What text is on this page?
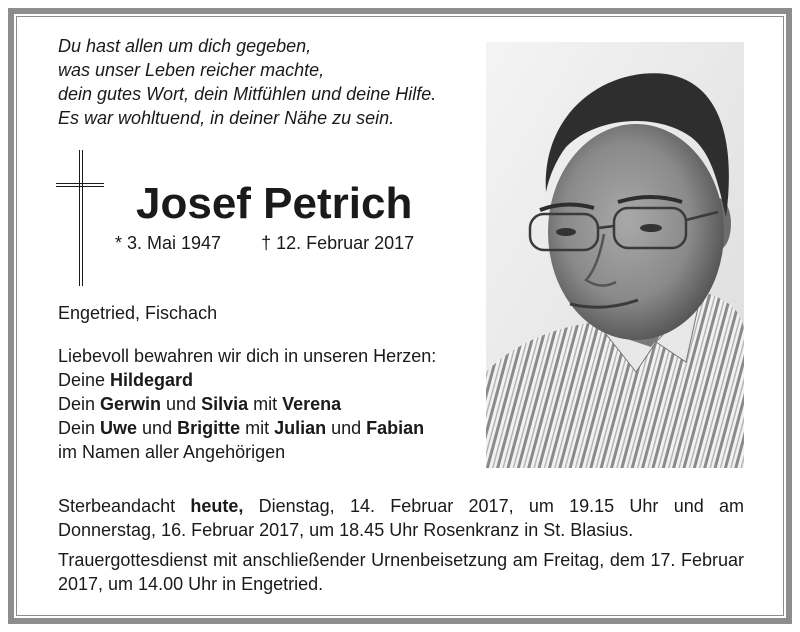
Du hast allen um dich gegeben,
was unser Leben reicher machte,
dein gutes Wort, dein Mitfühlen und deine Hilfe.
Es war wohltuend, in deiner Nähe zu sein.
Josef Petrich
* 3. Mai 1947 † 12. Februar 2017
Engetried, Fischach
Liebevoll bewahren wir dich in unseren Herzen:
Deine Hildegard
Dein Gerwin und Silvia mit Verena
Dein Uwe und Brigitte mit Julian und Fabian
im Namen aller Angehörigen

Sterbeandacht heute, Dienstag, 14. Februar 2017, um 19.15 Uhr und am Donnerstag, 16. Februar 2017, um 18.45 Uhr Rosenkranz in St. Blasius.

Trauergottesdienst mit anschließender Urnenbeisetzung am Freitag, dem 17. Februar 2017, um 14.00 Uhr in Engetried.
